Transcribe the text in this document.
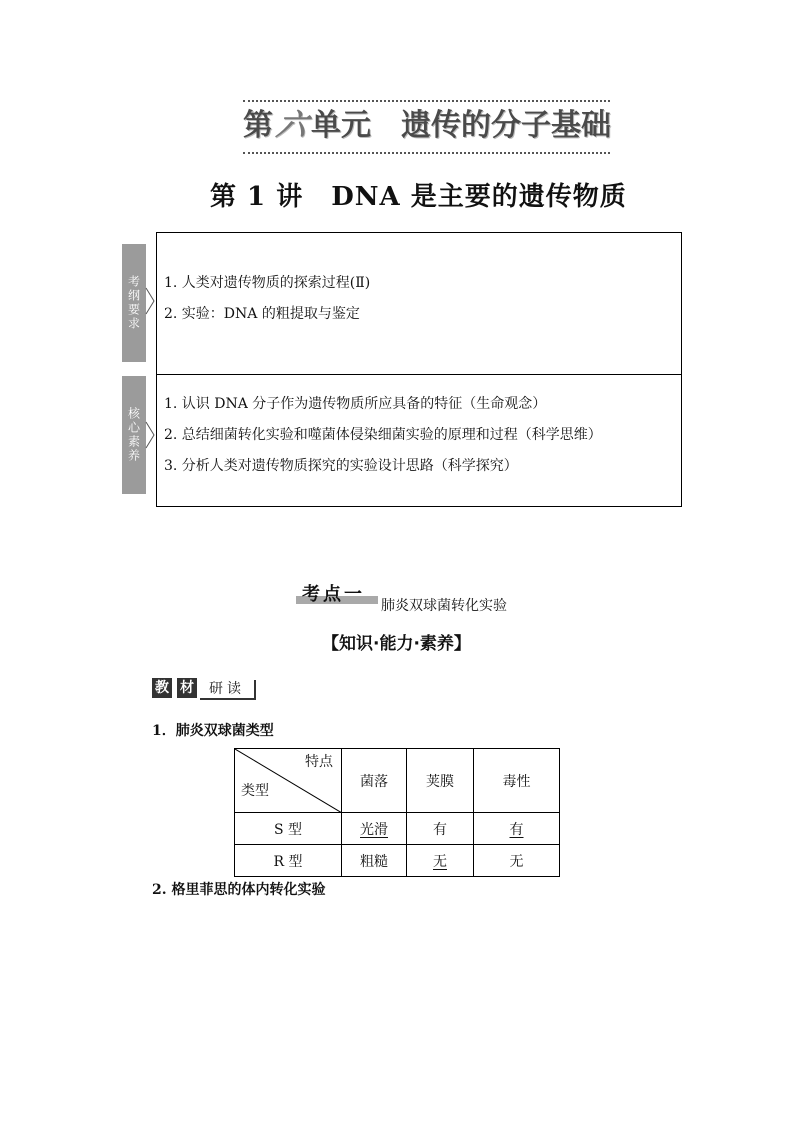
第六单元 遗传的分子基础
第 1 讲 DNA 是主要的遗传物质
考纲要求
核心素养
1. 人类对遗传物质的探索过程(Ⅱ)
2. 实验：DNA 的粗提取与鉴定
1. 认识 DNA 分子作为遗传物质所应具备的特征（生命观念）
2. 总结细菌转化实验和噬菌体侵染细菌实验的原理和过程（科学思维）
3. 分析人类对遗传物质探究的实验设计思路（科学探究）
考点一
肺炎双球菌转化实验
【知识·能力·素养】
教 材	研读
1．肺炎双球菌类型
特点
类型	菌落	荚膜	毒性
S 型	光滑	有	有
R 型	粗糙	无	无
2. 格里菲思的体内转化实验
